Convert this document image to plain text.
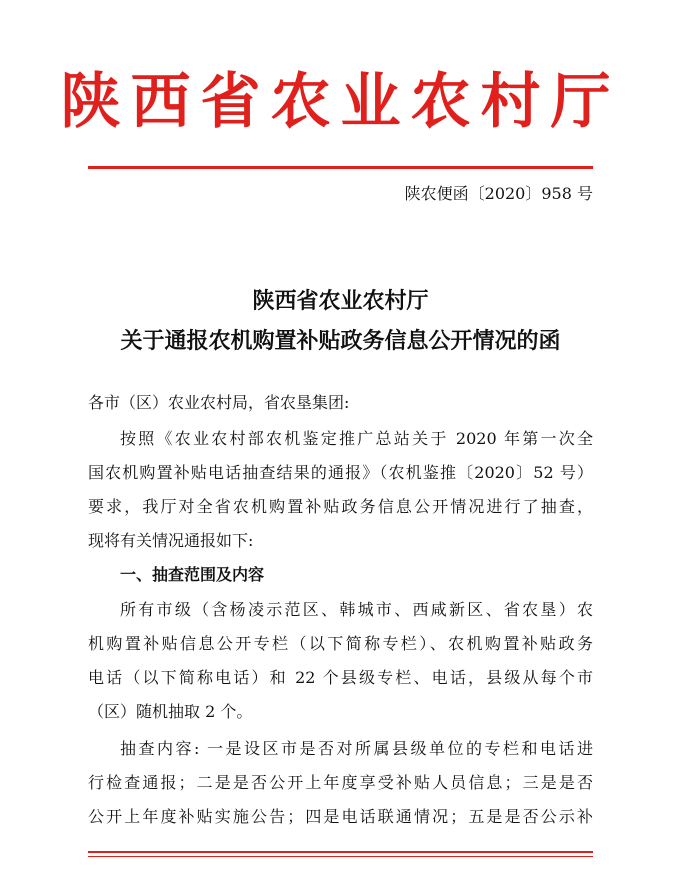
陕西省农业农村厅
陕农便函〔2020〕958 号
陕西省农业农村厅
关于通报农机购置补贴政务信息公开情况的函
各市（区）农业农村局，省农垦集团:
按照《农业农村部农机鉴定推广总站关于 2020 年第一次全
国农机购置补贴电话抽查结果的通报》（农机鉴推〔2020〕52 号）
要求，我厅对全省农机购置补贴政务信息公开情况进行了抽查，
现将有关情况通报如下:
一、抽查范围及内容
所有市级（含杨凌示范区、韩城市、西咸新区、省农垦）农
机购置补贴信息公开专栏（以下简称专栏）、农机购置补贴政务
电话（以下简称电话）和 22 个县级专栏、电话，县级从每个市
（区）随机抽取 2 个。
抽查内容: 一是设区市是否对所属县级单位的专栏和电话进
行检查通报；二是是否公开上年度享受补贴人员信息；三是是否
公开上年度补贴实施公告；四是电话联通情况；五是是否公示补
